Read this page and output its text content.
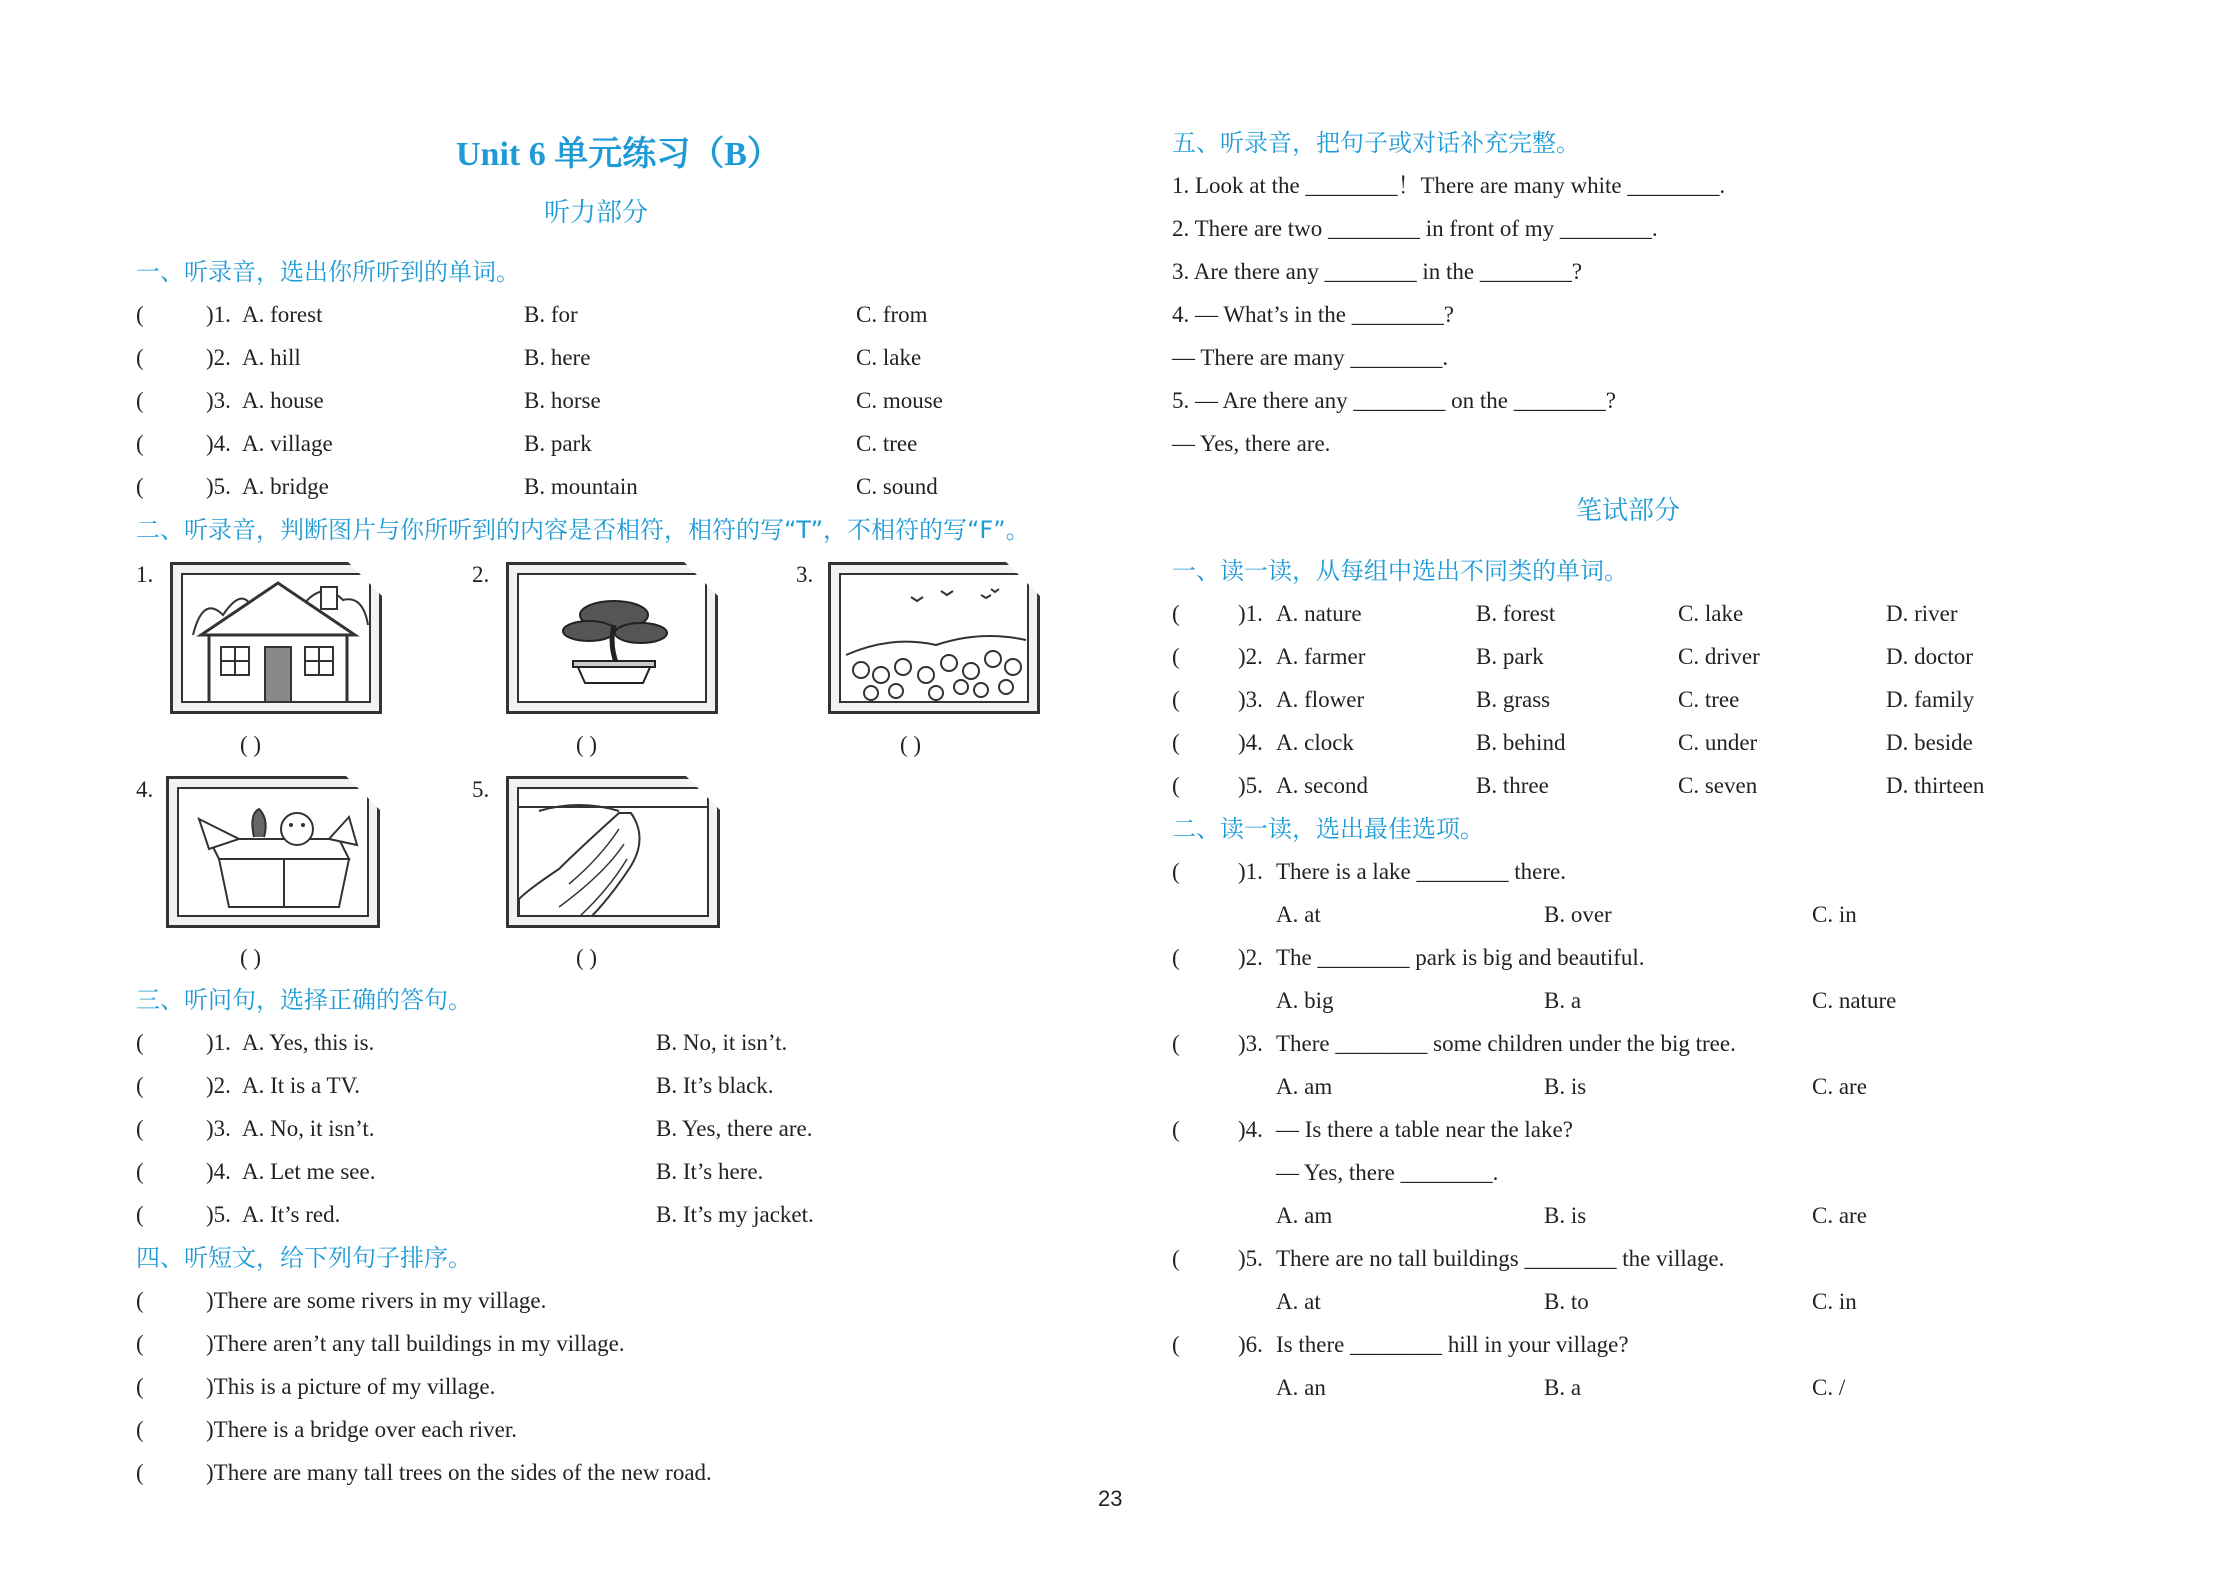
Unit 6 单元练习（B）
听力部分
一、听录音，选出你所听到的单词。
(	)1. A. forest	B. for	C. from
(	)2. A. hill	B. here	C. lake
(	)3. A. house	B. horse	C. mouse
(	)4. A. village	B. park	C. tree
(	)5. A. bridge	B. mountain	C. sound
二、听录音，判断图片与你所听到的内容是否相符，相符的写“T”，不相符的写“F”。
1.
( )
2.
( )
3.
( )
4.
( )
5.
( )
三、听问句，选择正确的答句。
(	)1. A. Yes, this is.	B. No, it isn’t.
(	)2. A. It is a TV.	B. It’s black.
(	)3. A. No, it isn’t.	B. Yes, there are.
(	)4. A. Let me see.	B. It’s here.
(	)5. A. It’s red.	B. It’s my jacket.
四、听短文，给下列句子排序。
(	)There are some rivers in my village.
(	)There aren’t any tall buildings in my village.
(	)This is a picture of my village.
(	)There is a bridge over each river.
(	)There are many tall trees on the sides of the new road.
23
五、听录音，把句子或对话补充完整。
1. Look at the ________！There are many white ________.
2. There are two ________ in front of my ________.
3. Are there any ________ in the ________?
4. — What’s in the ________?
— There are many ________.
5. — Are there any ________ on the ________?
— Yes, there are.
笔试部分
一、读一读，从每组中选出不同类的单词。
(	)1. A. nature	B. forest	C. lake	D. river
(	)2. A. farmer	B. park	C. driver	D. doctor
(	)3. A. flower	B. grass	C. tree	D. family
(	)4. A. clock	B. behind	C. under	D. beside
(	)5. A. second	B. three	C. seven	D. thirteen
二、读一读，选出最佳选项。
(	)1. There is a lake ________ there.
A. at	B. over	C. in
(	)2. The ________ park is big and beautiful.
A. big	B. a	C. nature
(	)3. There ________ some children under the big tree.
A. am	B. is	C. are
(	)4. — Is there a table near the lake?
— Yes, there ________.
A. am	B. is	C. are
(	)5. There are no tall buildings ________ the village.
A. at	B. to	C. in
(	)6. Is there ________ hill in your village?
A. an	B. a	C. /
